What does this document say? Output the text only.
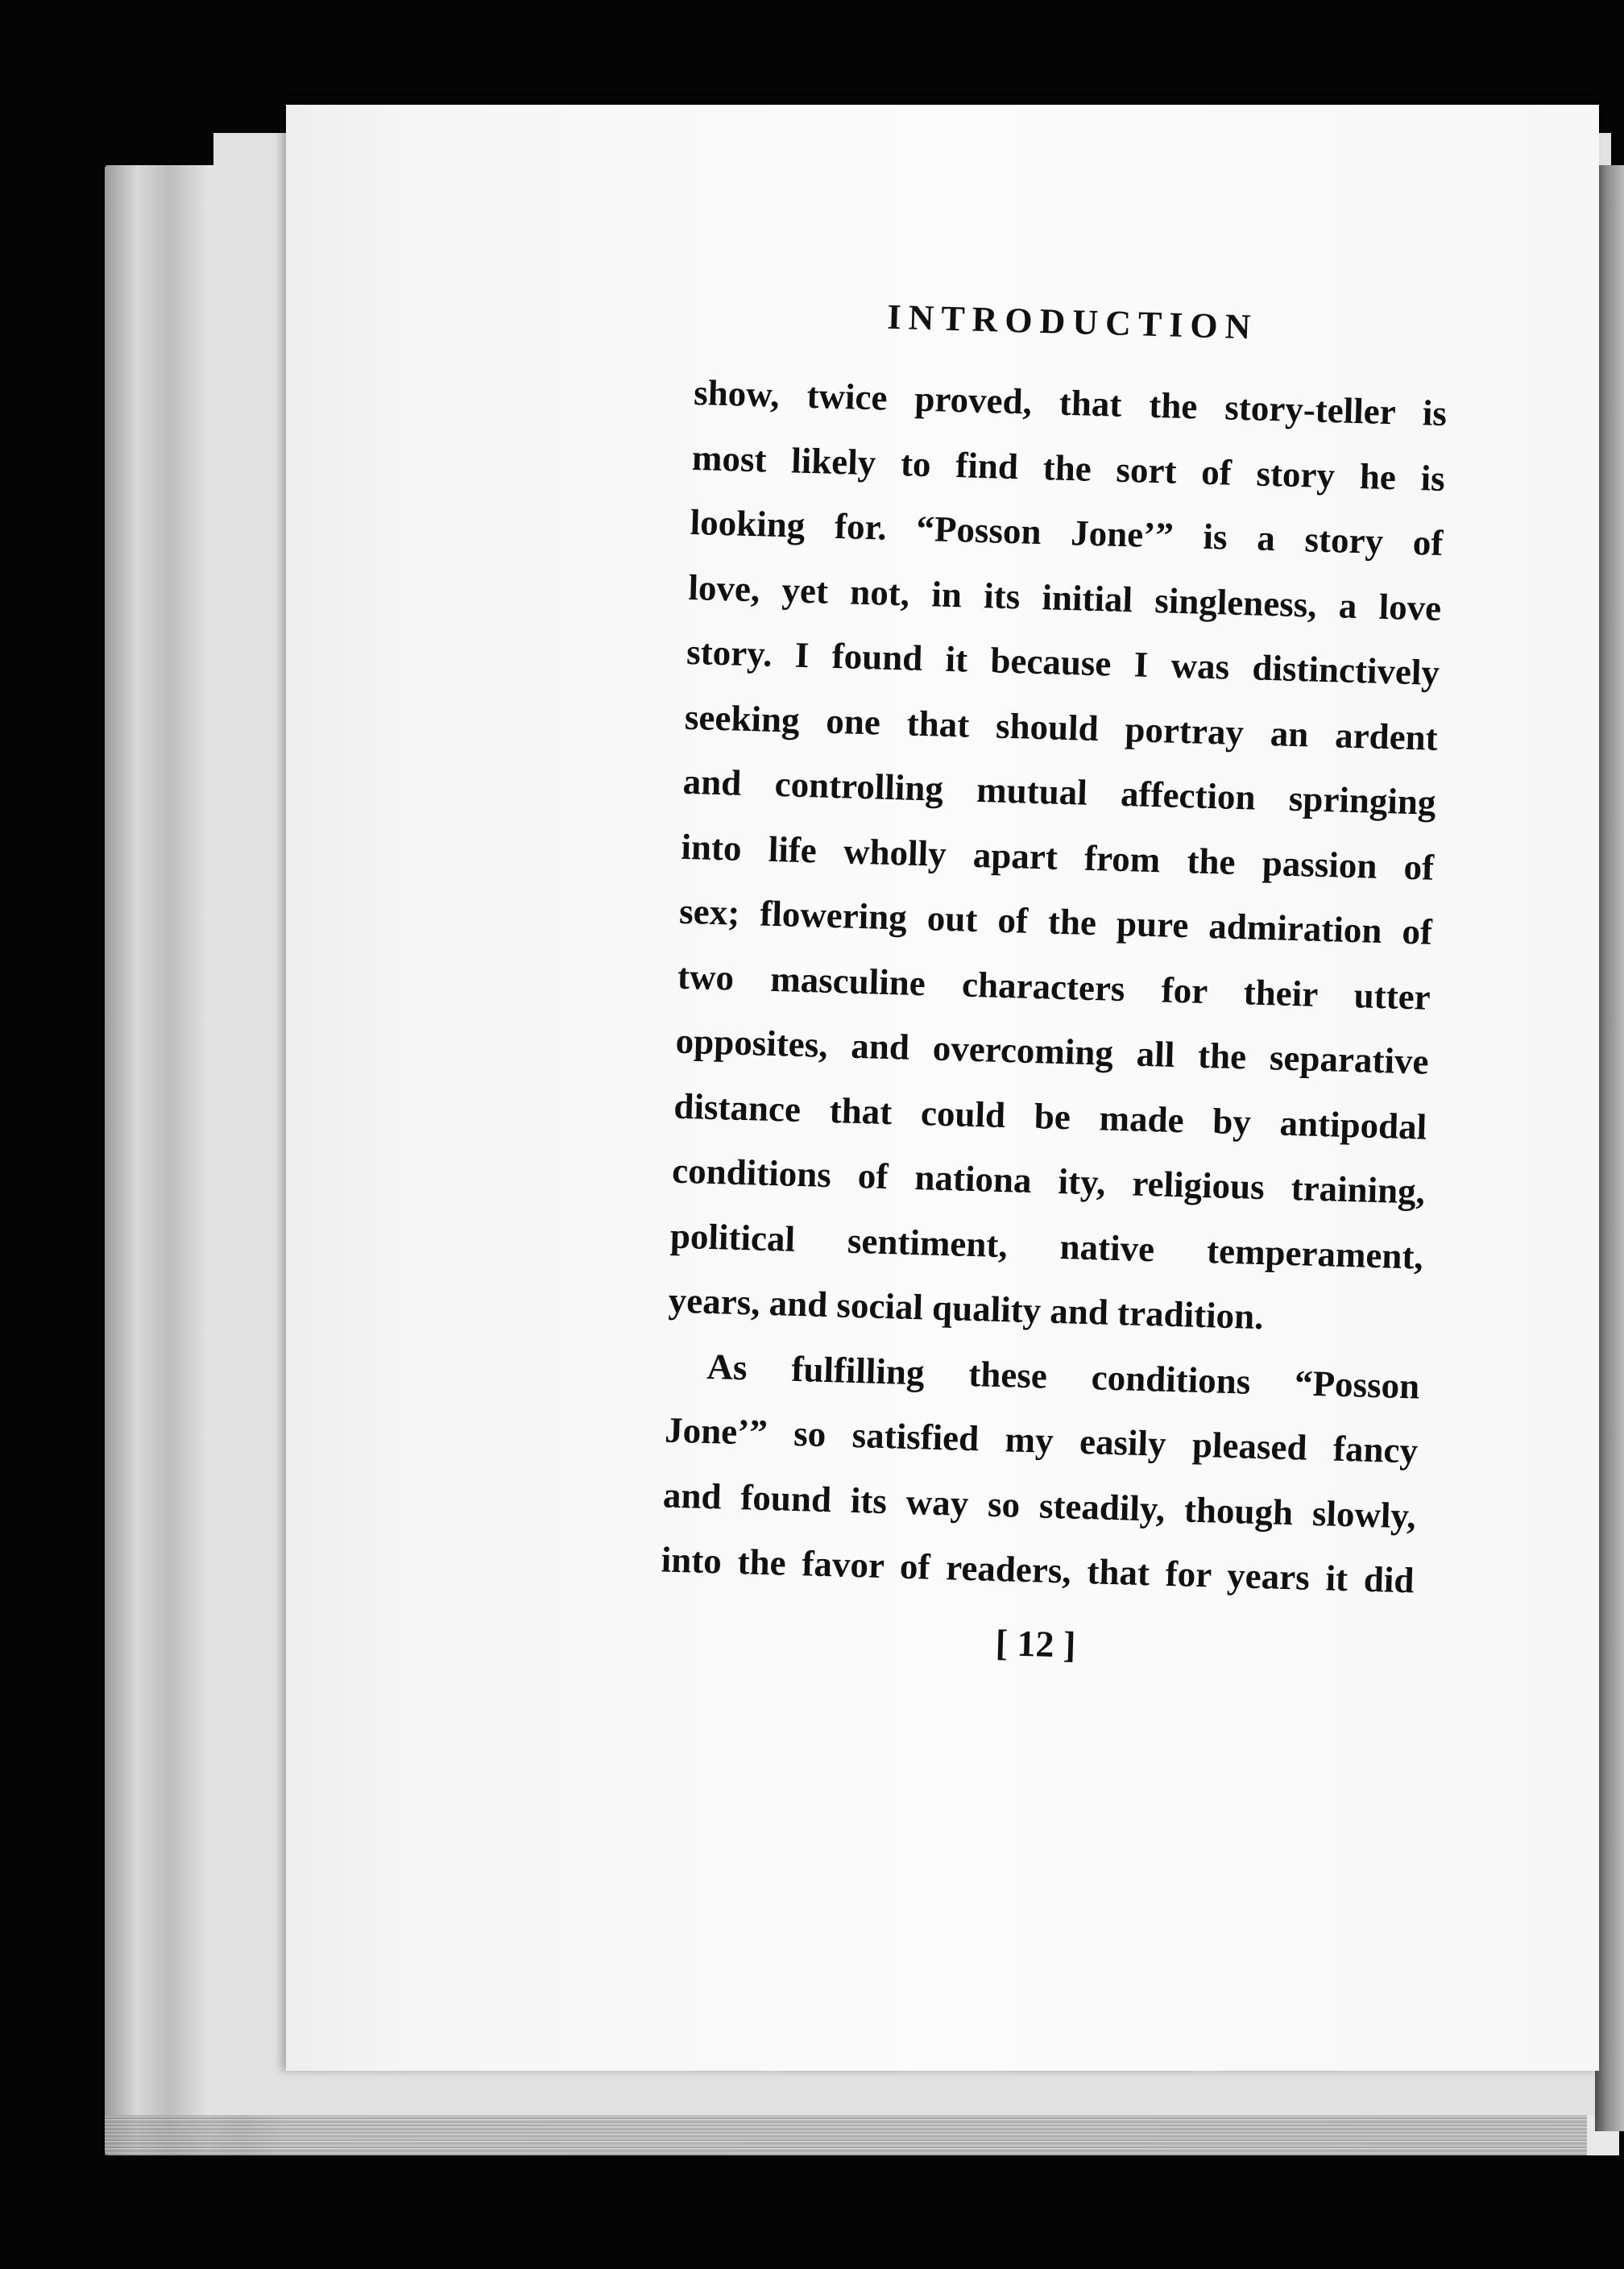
INTRODUCTION
show, twice proved, that the story-teller is
most likely to find the sort of story he is
looking for. “Posson Jone’” is a story of
love, yet not, in its initial singleness, a love
story. I found it because I was distinctively
seeking one that should portray an ardent
and controlling mutual affection springing
into life wholly apart from the passion of
sex; flowering out of the pure admiration of
two masculine characters for their utter
opposites, and overcoming all the separative
distance that could be made by antipodal
conditions of nationa ity, religious training,
political sentiment, native temperament,
years, and social quality and tradition.
As fulfilling these conditions “Posson
Jone’” so satisfied my easily pleased fancy
and found its way so steadily, though slowly,
into the favor of readers, that for years it did
[ 12 ]
